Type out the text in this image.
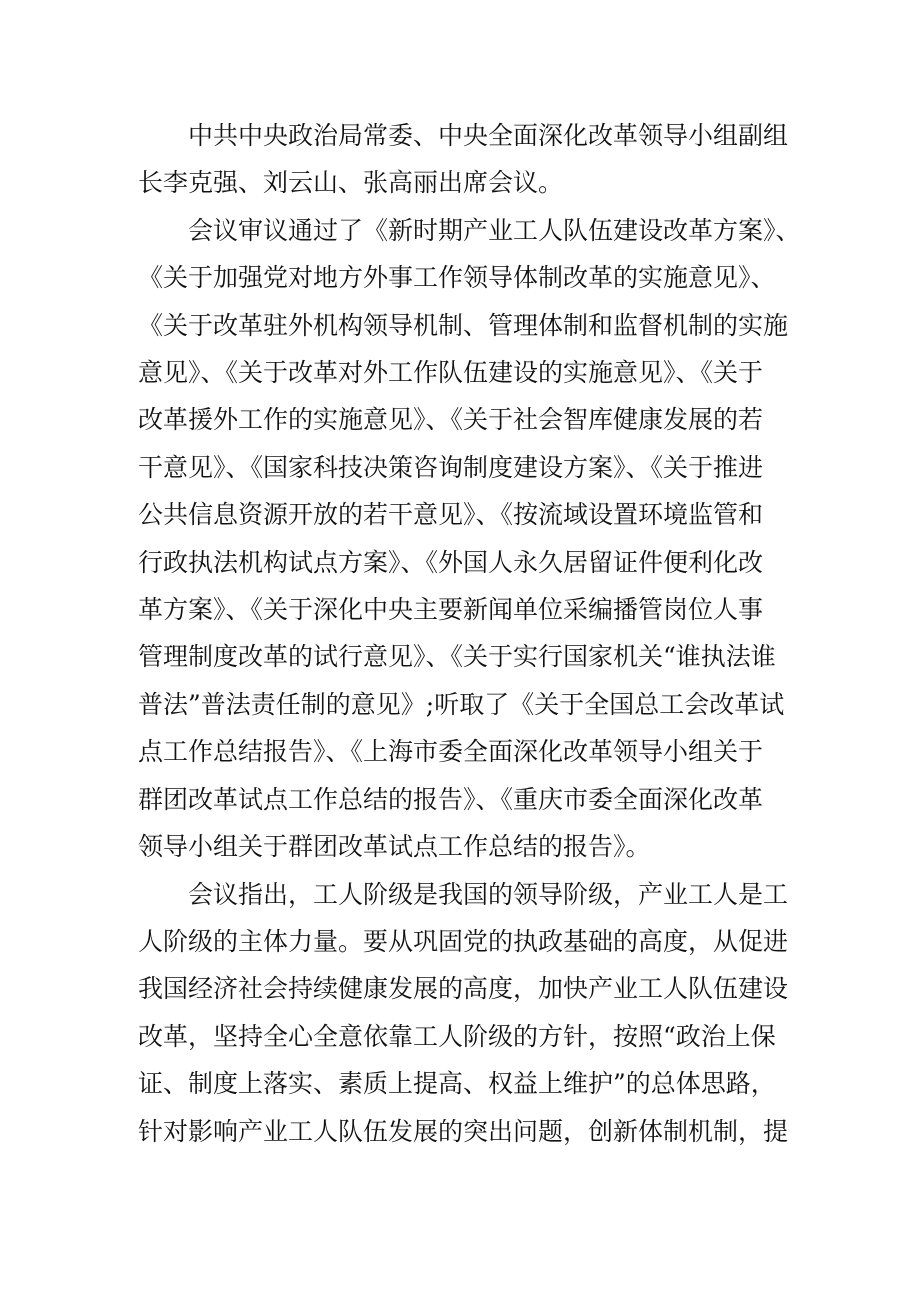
中共中央政治局常委、中央全面深化改革领导小组副组
长李克强、刘云山、张高丽出席会议。

会议审议通过了《新时期产业工人队伍建设改革方案》、
《关于加强党对地方外事工作领导体制改革的实施意见》、
《关于改革驻外机构领导机制、管理体制和监督机制的实施
意见》、《关于改革对外工作队伍建设的实施意见》、《关于
改革援外工作的实施意见》、《关于社会智库健康发展的若
干意见》、《国家科技决策咨询制度建设方案》、《关于推进
公共信息资源开放的若干意见》、《按流域设置环境监管和
行政执法机构试点方案》、《外国人永久居留证件便利化改
革方案》、《关于深化中央主要新闻单位采编播管岗位人事
管理制度改革的试行意见》、《关于实行国家机关“谁执法谁
普法”普法责任制的意见》;听取了《关于全国总工会改革试
点工作总结报告》、《上海市委全面深化改革领导小组关于
群团改革试点工作总结的报告》、《重庆市委全面深化改革
领导小组关于群团改革试点工作总结的报告》。

会议指出，工人阶级是我国的领导阶级，产业工人是工
人阶级的主体力量。要从巩固党的执政基础的高度，从促进
我国经济社会持续健康发展的高度，加快产业工人队伍建设
改革，坚持全心全意依靠工人阶级的方针，按照“政治上保
证、制度上落实、素质上提高、权益上维护”的总体思路，
针对影响产业工人队伍发展的突出问题，创新体制机制，提
